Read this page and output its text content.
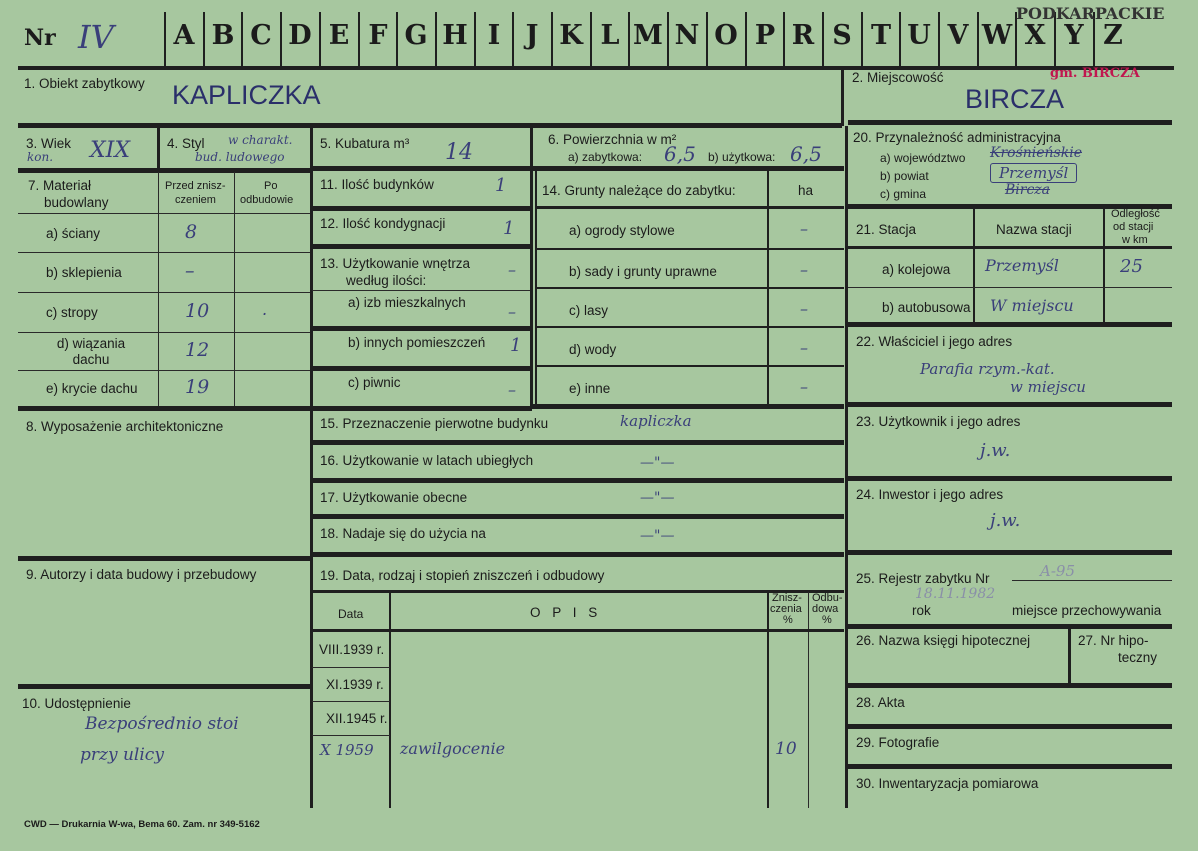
Nr IV	A B C D E F G H I J K L M N O P R S T U V W X Y Z
PODKARPACKIE
gm. BIRCZA
1. Obiekt zabytkowy KAPLICZKA
2. Miejscowość
BIRCZA
3. Wiek
kon. XIX	4. Styl w charakt.
bud. ludowego
5. Kubatura m³ 14
6. Powierzchnia w m²
a) zabytkowa: 6,5 b) użytkowa: 6,5
20. Przynależność administracyjna
a) województwo Krośnieńskie
b) powiat	Przemyśl
c) gmina	Bircza
7. Materiał
budowlany
Przed znisz-
czeniem
Po
odbudowie
a) ściany	8
b) sklepienia	–
c) stropy	10	.
d) wiązania dachu	12
e) krycie dachu 19
11. Ilość budynków	1
12. Ilość kondygnacji	1
13. Użytkowanie wnętrza
według ilości:
–
a) izb mieszkalnych	–
b) innych pomieszczeń 1
c) piwnic	–
14. Grunty należące do zabytku:	ha
a) ogrody stylowe	–
b) sady i grunty uprawne	–
c) lasy	–
d) wody	–
e) inne	–
21. Stacja	Nazwa stacji
Odległość
od stacji
w km
a) kolejowa Przemyśl	25
b) autobusowa W miejscu
22. Właściciel i jego adres
Parafia rzym.-kat.
w miejscu
8. Wyposażenie architektoniczne	15. Przeznaczenie pierwotne budynku	kapliczka
16. Użytkowanie w latach ubiegłych	—"—
17. Użytkowanie obecne	—"—
18. Nadaje się do użycia na	—"—
23. Użytkownik i jego adres
j.w.
24. Inwestor i jego adres
j.w.
9. Autorzy i data budowy i przebudowy	19. Data, rodzaj i stopień zniszczeń i odbudowy
Data	O P I S
Znisz-
czenia
%
Odbu-
dowa
%
VIII.1939 r.
XI.1939 r.
XII.1945 r.
X 1959 zawilgocenie	10
25. Rejestr zabytku Nr	A-95
rok
18.11.1982
miejsce przechowywania
26. Nazwa księgi hipotecznej	27. Nr hipo-
teczny
28. Akta
29. Fotografie
30. Inwentaryzacja pomiarowa
10. Udostępnienie
Bezpośrednio stoi
przy ulicy
CWD — Drukarnia W-wa, Bema 60. Zam. nr 349-5162
